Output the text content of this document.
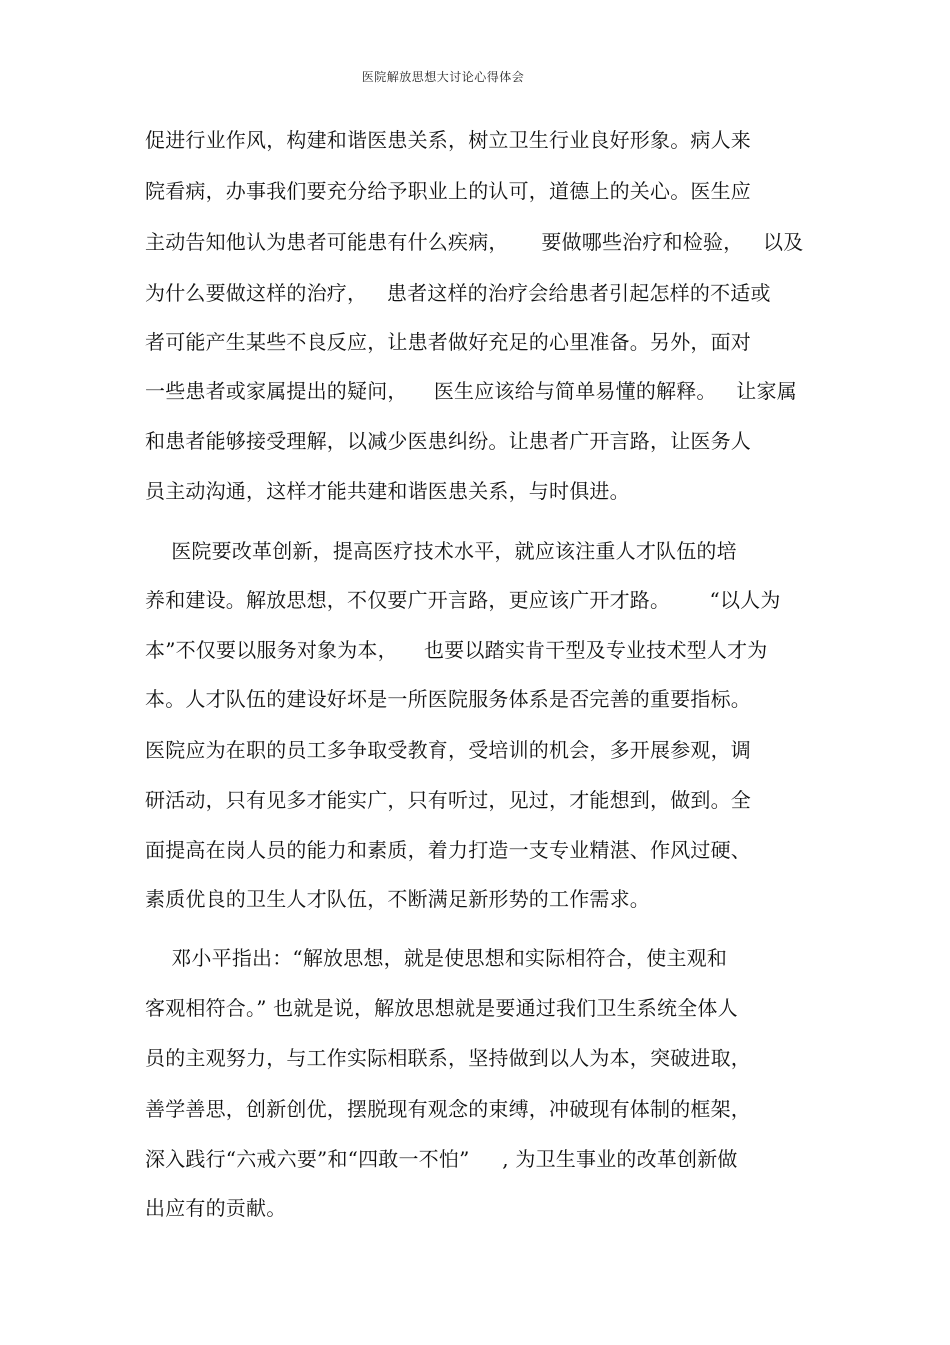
医院解放思想大讨论心得体会
促进行业作风，构建和谐医患关系，树立卫生行业良好形象。病人来
院看病，办事我们要充分给予职业上的认可，道德上的关心。医生应
主动告知他认为患者可能患有什么疾病，     要做哪些治疗和检验，   以及
为什么要做这样的治疗，   患者这样的治疗会给患者引起怎样的不适或
者可能产生某些不良反应，让患者做好充足的心里准备。另外，面对
一些患者或家属提出的疑问，    医生应该给与简单易懂的解释。   让家属
和患者能够接受理解，以减少医患纠纷。让患者广开言路，让医务人
员主动沟通，这样才能共建和谐医患关系，与时俱进。
医院要改革创新，提高医疗技术水平，就应该注重人才队伍的培
养和建设。解放思想，不仅要广开言路，更应该广开才路。      “以人为
本”不仅要以服务对象为本，    也要以踏实肯干型及专业技术型人才为
本。人才队伍的建设好坏是一所医院服务体系是否完善的重要指标。
医院应为在职的员工多争取受教育，受培训的机会，多开展参观，调
研活动，只有见多才能实广，只有听过，见过，才能想到，做到。全
面提高在岗人员的能力和素质，着力打造一支专业精湛、作风过硬、
素质优良的卫生人才队伍，不断满足新形势的工作需求。
邓小平指出：“解放思想，就是使思想和实际相符合，使主观和
客观相符合。” 也就是说，解放思想就是要通过我们卫生系统全体人
员的主观努力，与工作实际相联系，坚持做到以人为本，突破进取，
善学善思，创新创优，摆脱现有观念的束缚，冲破现有体制的框架，
深入践行“六戒六要”和“四敢一不怕”     , 为卫生事业的改革创新做
出应有的贡献。
